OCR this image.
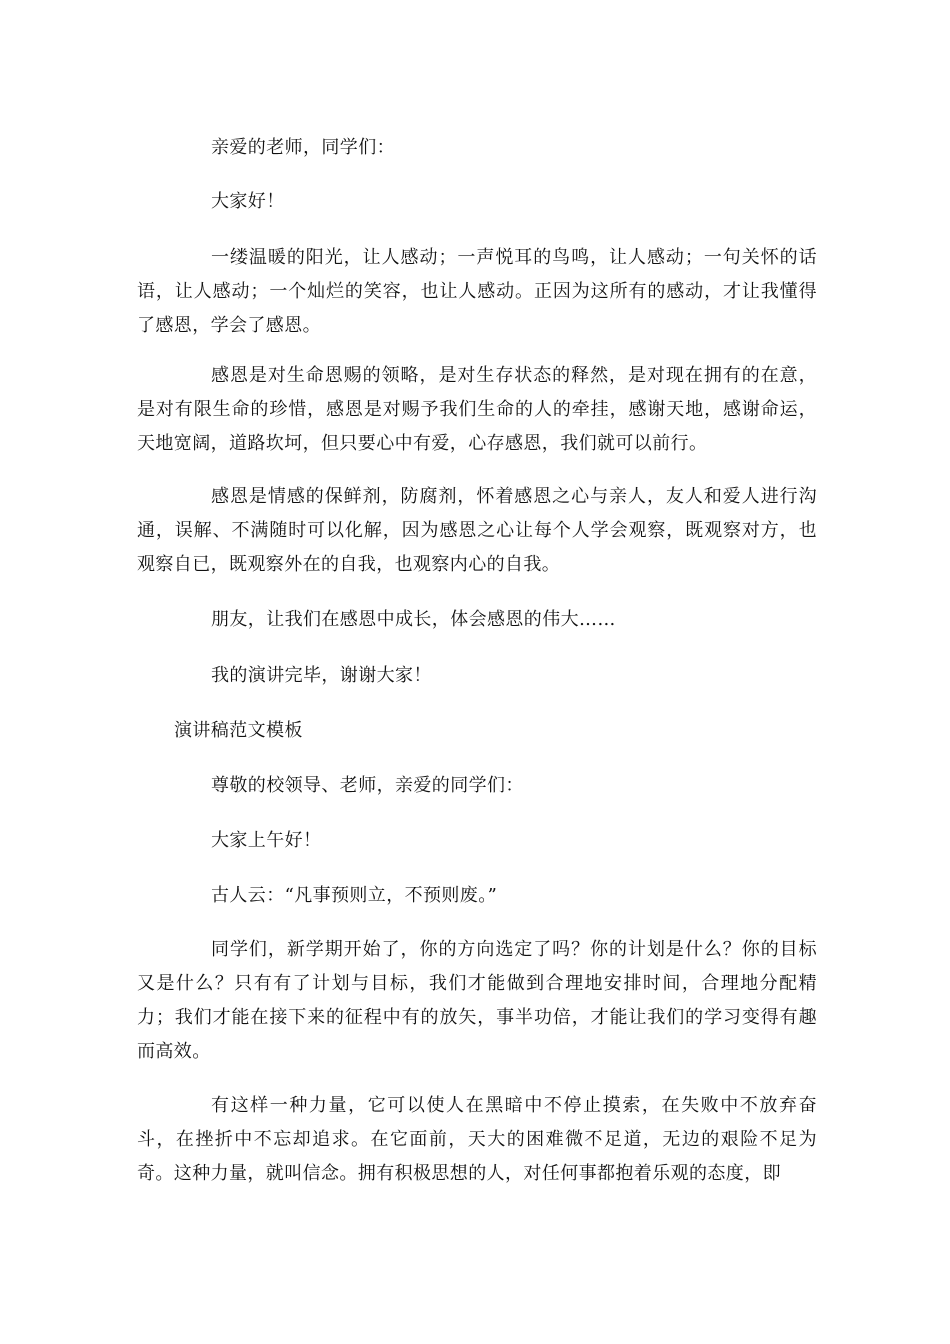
亲爱的老师，同学们：

大家好！

一缕温暖的阳光，让人感动；一声悦耳的鸟鸣，让人感动；一句关怀的话语，让人感动；一个灿烂的笑容，也让人感动。正因为这所有的感动，才让我懂得了感恩，学会了感恩。

感恩是对生命恩赐的领略，是对生存状态的释然，是对现在拥有的在意，是对有限生命的珍惜，感恩是对赐予我们生命的人的牵挂，感谢天地，感谢命运，天地宽阔，道路坎坷，但只要心中有爱，心存感恩，我们就可以前行。

感恩是情感的保鲜剂，防腐剂，怀着感恩之心与亲人，友人和爱人进行沟通，误解、不满随时可以化解，因为感恩之心让每个人学会观察，既观察对方，也观察自已，既观察外在的自我，也观察内心的自我。

朋友，让我们在感恩中成长，体会感恩的伟大……

我的演讲完毕，谢谢大家！

演讲稿范文模板

尊敬的校领导、老师，亲爱的同学们：

大家上午好！

古人云：“凡事预则立，不预则废。”

同学们，新学期开始了，你的方向选定了吗？你的计划是什么？你的目标又是什么？只有有了计划与目标，我们才能做到合理地安排时间，合理地分配精力；我们才能在接下来的征程中有的放矢，事半功倍，才能让我们的学习变得有趣而高效。

有这样一种力量，它可以使人在黑暗中不停止摸索，在失败中不放弃奋斗，在挫折中不忘却追求。在它面前，天大的困难微不足道，无边的艰险不足为奇。这种力量，就叫信念。拥有积极思想的人，对任何事都抱着乐观的态度，即
